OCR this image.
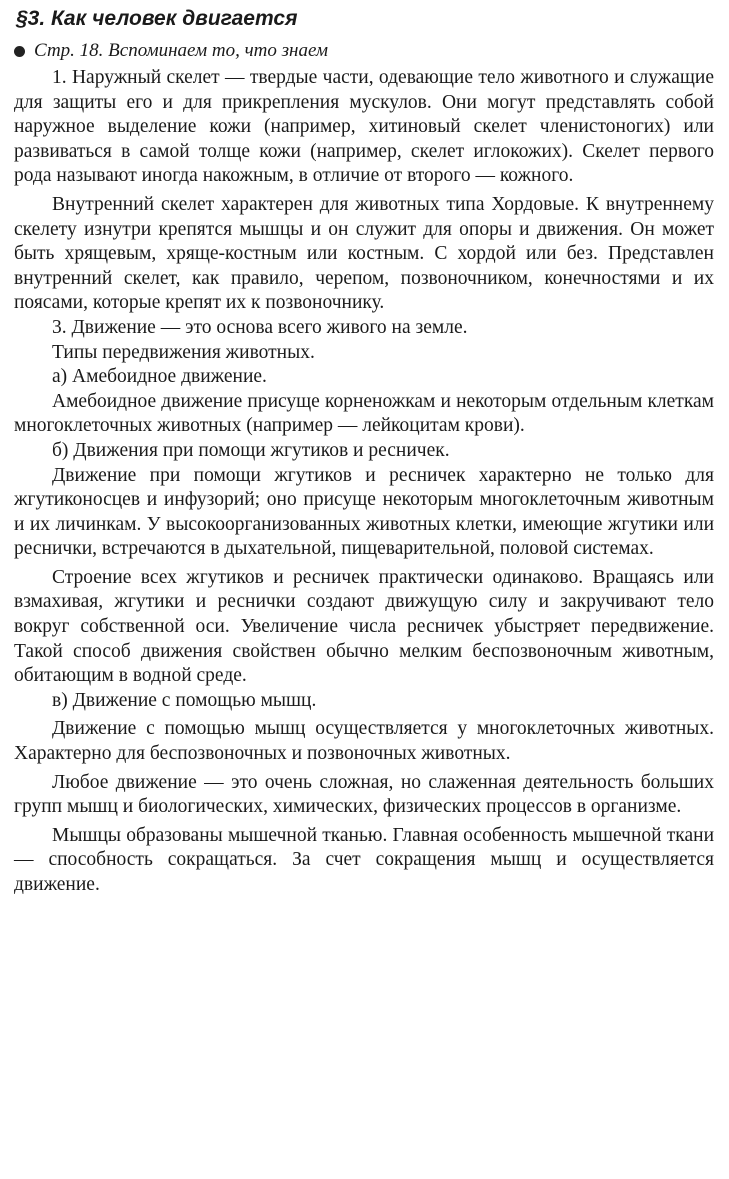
§3. Как человек двигается
Стр. 18. Вспоминаем то, что знаем

1. Наружный скелет — твердые части, одевающие тело животного и служащие для защиты его и для прикрепления мускулов. Они могут представлять собой наружное выделение кожи (например, хитиновый скелет членистоногих) или развиваться в самой толще кожи (например, скелет иглокожих). Скелет первого рода называют иногда накожным, в отличие от второго — кожного.

Внутренний скелет характерен для животных типа Хордовые. К внутреннему скелету изнутри крепятся мышцы и он служит для опоры и движения. Он может быть хрящевым, хряще-костным или костным. С хордой или без. Представлен внутренний скелет, как правило, черепом, позвоночником, конечностями и их поясами, которые крепят их к позвоночнику.

3. Движение — это основа всего живого на земле.

Типы передвижения животных.

а) Амебоидное движение.

Амебоидное движение присуще корненожкам и некоторым отдельным клеткам многоклеточных животных (например — лейкоцитам крови).

б) Движения при помощи жгутиков и ресничек.

Движение при помощи жгутиков и ресничек характерно не только для жгутиконосцев и инфузорий; оно присуще некоторым многоклеточным животным и их личинкам. У высокоорганизованных животных клетки, имеющие жгутики или реснички, встречаются в дыхательной, пищеварительной, половой системах.

Строение всех жгутиков и ресничек практически одинаково. Вращаясь или взмахивая, жгутики и реснички создают движущую силу и закручивают тело вокруг собственной оси. Увеличение числа ресничек убыстряет передвижение. Такой способ движения свойствен обычно мелким беспозвоночным животным, обитающим в водной среде.

в) Движение с помощью мышц.

Движение с помощью мышц осуществляется у многоклеточных животных. Характерно для беспозвоночных и позвоночных животных.

Любое движение — это очень сложная, но слаженная деятельность больших групп мышц и биологических, химических, физических процессов в организме.

Мышцы образованы мышечной тканью. Главная особенность мышечной ткани — способность сокращаться. За счет сокращения мышц и осуществляется движение.
